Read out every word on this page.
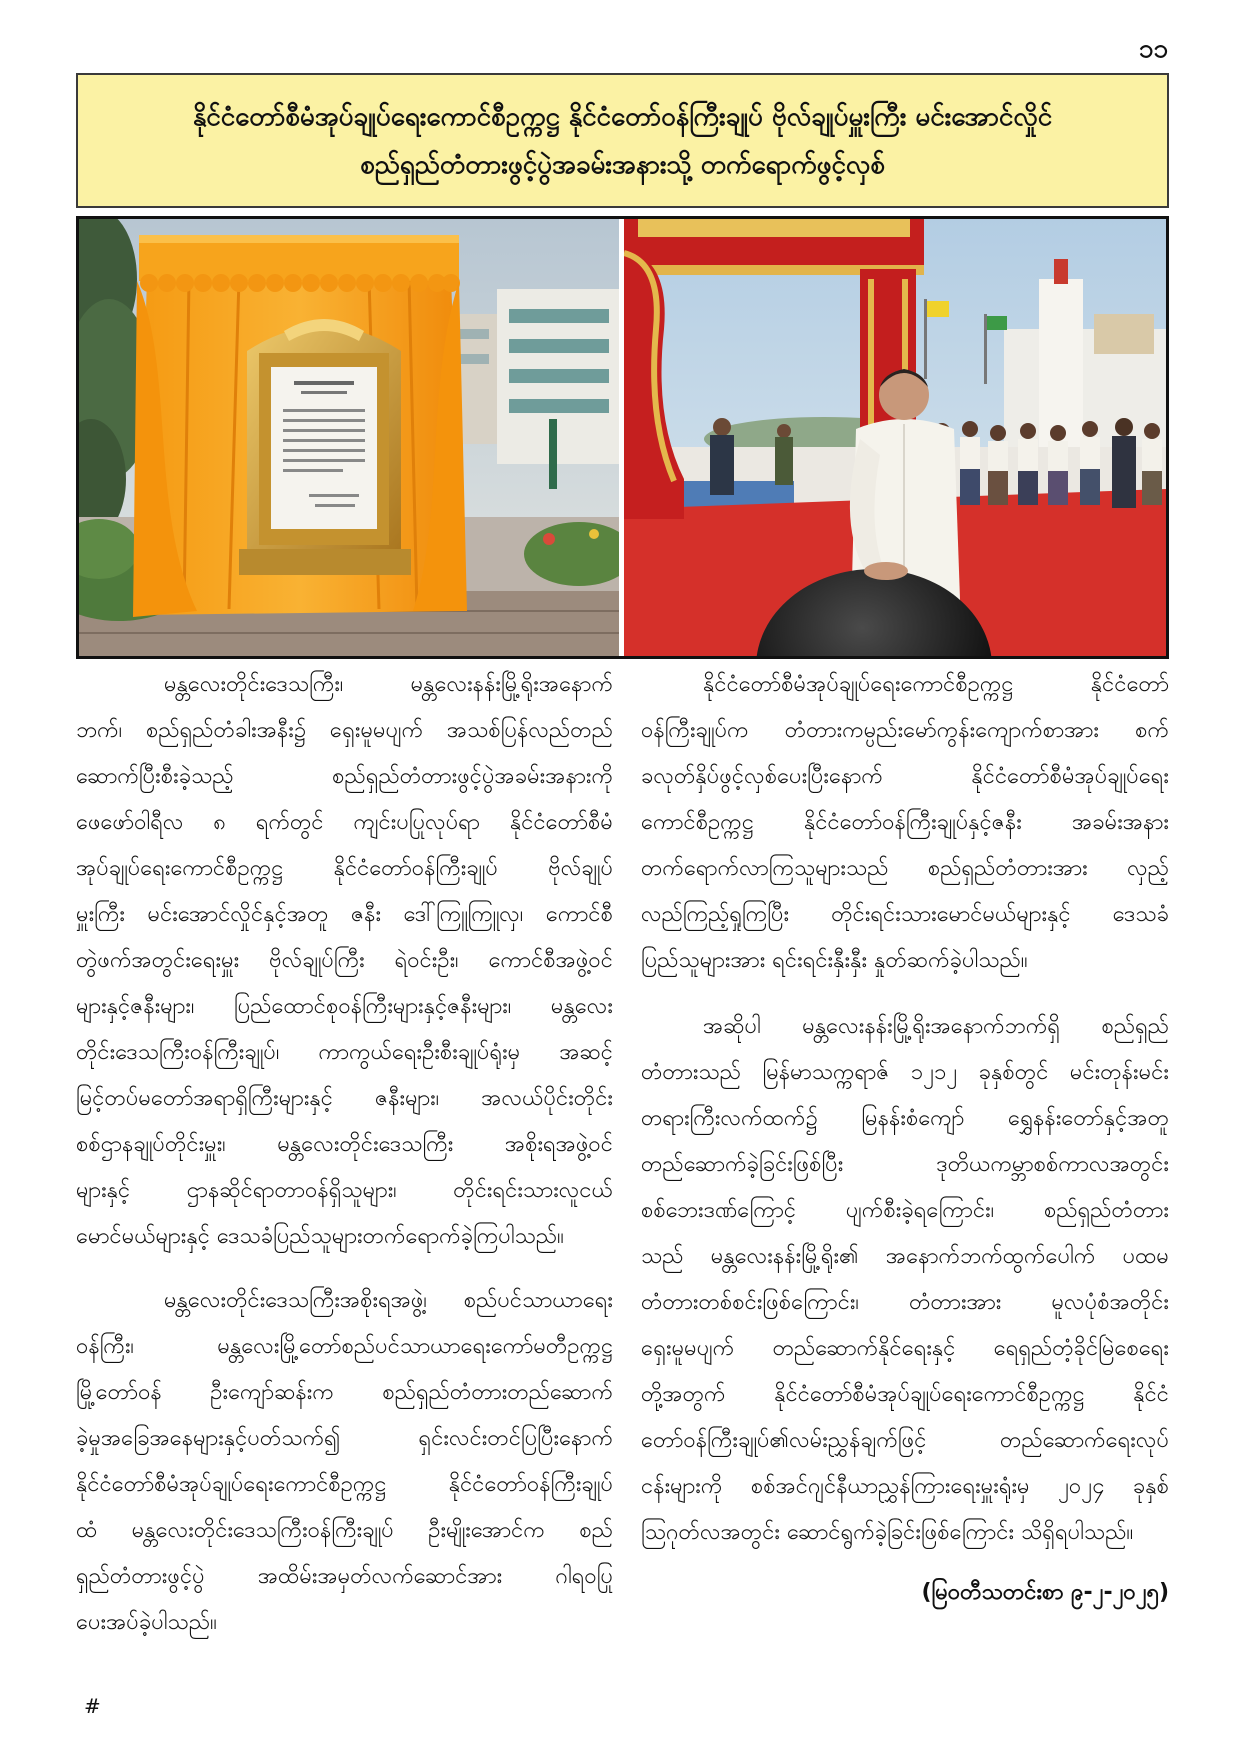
၁၁
နိုင်ငံတော်စီမံအုပ်ချုပ်ရေးကောင်စီဥက္ကဋ္ဌ နိုင်ငံတော်ဝန်ကြီးချုပ် ဗိုလ်ချုပ်မှူးကြီး မင်းအောင်လှိုင်
စည်ရှည်တံတားဖွင့်ပွဲအခမ်းအနားသို့ တက်ရောက်ဖွင့်လှစ်
မန္တလေးတိုင်းဒေသကြီး၊ မန္တလေးနန်းမြို့ရိုးအနောက်
ဘက်၊ စည်ရှည်တံခါးအနီး၌ ရှေးမူမပျက် အသစ်ပြန်လည်တည်
ဆောက်ပြီးစီးခဲ့သည့် စည်ရှည်တံတားဖွင့်ပွဲအခမ်းအနားကို
ဖေဖော်ဝါရီလ ၈ ရက်တွင် ကျင်းပပြုလုပ်ရာ နိုင်ငံတော်စီမံ
အုပ်ချုပ်ရေးကောင်စီဥက္ကဋ္ဌ နိုင်ငံတော်ဝန်ကြီးချုပ် ဗိုလ်ချုပ်
မှူးကြီး မင်းအောင်လှိုင်နှင့်အတူ ဇနီး ဒေါ်ကြူကြူလှ၊ ကောင်စီ
တွဲဖက်အတွင်းရေးမှူး ဗိုလ်ချုပ်ကြီး ရဲဝင်းဦး၊ ကောင်စီအဖွဲ့ဝင်
များနှင့်ဇနီးများ၊ ပြည်ထောင်စုဝန်ကြီးများနှင့်ဇနီးများ၊ မန္တလေး
တိုင်းဒေသကြီးဝန်ကြီးချုပ်၊ ကာကွယ်ရေးဦးစီးချုပ်ရုံးမှ အဆင့်
မြင့်တပ်မတော်အရာရှိကြီးများနှင့် ဇနီးများ၊ အလယ်ပိုင်းတိုင်း
စစ်ဌာနချုပ်တိုင်းမှူး၊ မန္တလေးတိုင်းဒေသကြီး အစိုးရအဖွဲ့ဝင်
များနှင့် ဌာနဆိုင်ရာတာဝန်ရှိသူများ၊ တိုင်းရင်းသားလူငယ်
မောင်မယ်များနှင့် ဒေသခံပြည်သူများတက်ရောက်ခဲ့ကြပါသည်။
မန္တလေးတိုင်းဒေသကြီးအစိုးရအဖွဲ့၊ စည်ပင်သာယာရေး
ဝန်ကြီး၊ မန္တလေးမြို့တော်စည်ပင်သာယာရေးကော်မတီဥက္ကဋ္ဌ
မြို့တော်ဝန် ဦးကျော်ဆန်းက စည်ရှည်တံတားတည်ဆောက်
ခဲ့မှုအခြေအနေများနှင့်ပတ်သက်၍ ရှင်းလင်းတင်ပြပြီးနောက်
နိုင်ငံတော်စီမံအုပ်ချုပ်ရေးကောင်စီဥက္ကဋ္ဌ နိုင်ငံတော်ဝန်ကြီးချုပ်
ထံ မန္တလေးတိုင်းဒေသကြီးဝန်ကြီးချုပ် ဦးမျိုးအောင်က စည်
ရှည်တံတားဖွင့်ပွဲ အထိမ်းအမှတ်လက်ဆောင်အား ဂါရဝပြု
ပေးအပ်ခဲ့ပါသည်။
နိုင်ငံတော်စီမံအုပ်ချုပ်ရေးကောင်စီဥက္ကဋ္ဌ နိုင်ငံတော်
ဝန်ကြီးချုပ်က တံတားကမ္ပည်းမော်ကွန်းကျောက်စာအား စက်
ခလုတ်နှိပ်ဖွင့်လှစ်ပေးပြီးနောက် နိုင်ငံတော်စီမံအုပ်ချုပ်ရေး
ကောင်စီဥက္ကဋ္ဌ နိုင်ငံတော်ဝန်ကြီးချုပ်နှင့်ဇနီး အခမ်းအနား
တက်ရောက်လာကြသူများသည် စည်ရှည်တံတားအား လှည့်
လည်ကြည့်ရှုကြပြီး တိုင်းရင်းသားမောင်မယ်များနှင့် ဒေသခံ
ပြည်သူများအား ရင်းရင်းနှီးနှီး နှုတ်ဆက်ခဲ့ပါသည်။
အဆိုပါ မန္တလေးနန်းမြို့ရိုးအနောက်ဘက်ရှိ စည်ရှည်
တံတားသည် မြန်မာသက္ကရာဇ် ၁၂၁၂ ခုနှစ်တွင် မင်းတုန်းမင်း
တရားကြီးလက်ထက်၌ မြနန်းစံကျော် ရွှေနန်းတော်နှင့်အတူ
တည်ဆောက်ခဲ့ခြင်းဖြစ်ပြီး ဒုတိယကမ္ဘာစစ်ကာလအတွင်း
စစ်ဘေးဒဏ်ကြောင့် ပျက်စီးခဲ့ရကြောင်း၊ စည်ရှည်တံတား
သည် မန္တလေးနန်းမြို့ရိုး၏ အနောက်ဘက်ထွက်ပေါက် ပထမ
တံတားတစ်စင်းဖြစ်ကြောင်း၊ တံတားအား မူလပုံစံအတိုင်း
ရှေးမူမပျက် တည်ဆောက်နိုင်ရေးနှင့် ရေရှည်တံ့ခိုင်မြဲစေရေး
တို့အတွက် နိုင်ငံတော်စီမံအုပ်ချုပ်ရေးကောင်စီဥက္ကဋ္ဌ နိုင်ငံ
တော်ဝန်ကြီးချုပ်၏လမ်းညွှန်ချက်ဖြင့် တည်ဆောက်ရေးလုပ်
ငန်းများကို စစ်အင်ဂျင်နီယာညွှန်ကြားရေးမှူးရုံးမှ ၂၀၂၄ ခုနှစ်
ဩဂုတ်လအတွင်း ဆောင်ရွက်ခဲ့ခြင်းဖြစ်ကြောင်း သိရှိရပါသည်။
(မြဝတီသတင်းစာ ၉-၂-၂၀၂၅)
#
